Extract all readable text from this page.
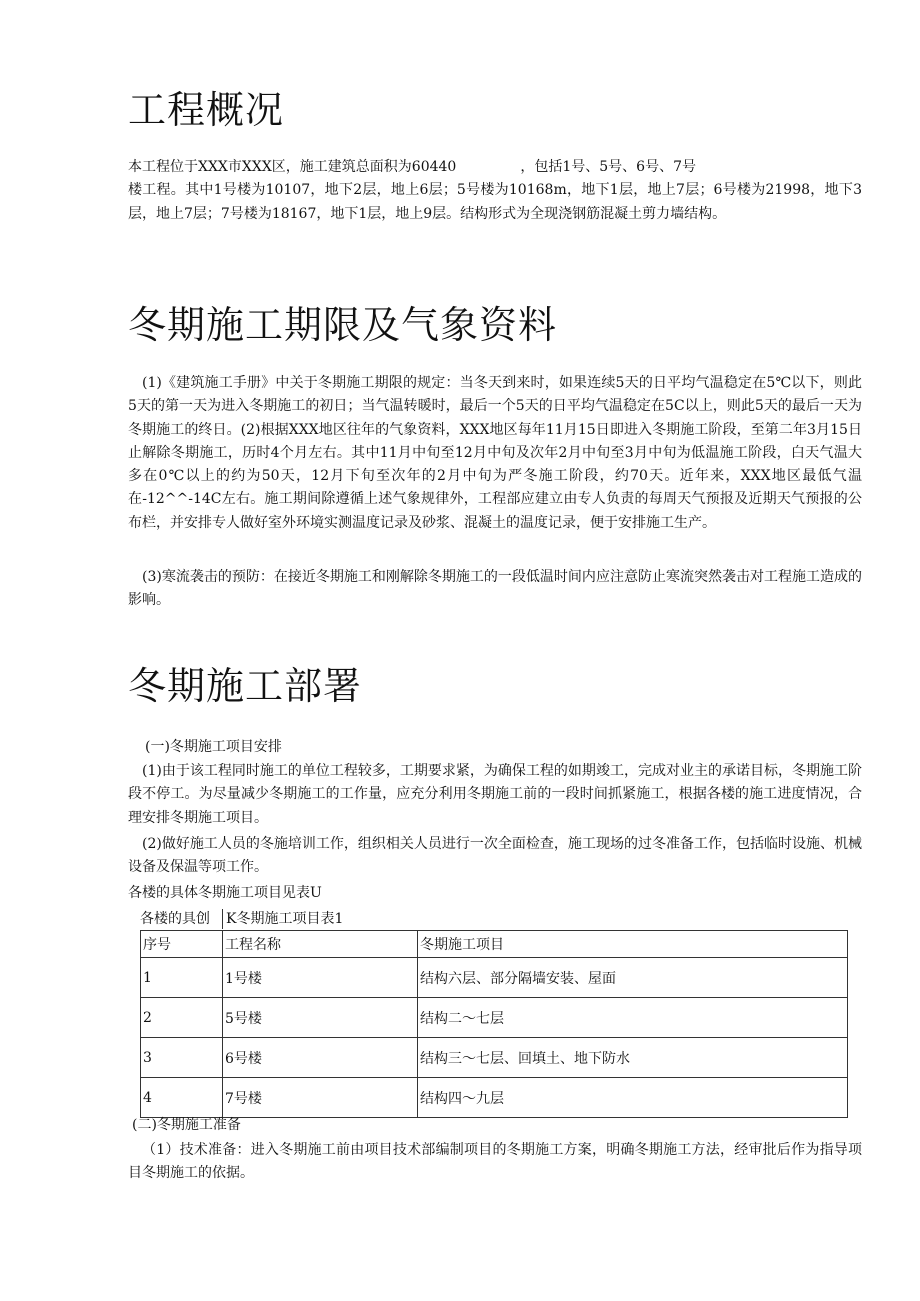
工程概况

本工程位于XXX市XXX区，施工建筑总面积为60440	，包括1号、5号、6号、7号
楼工程。其中1号楼为10107，地下2层，地上6层；5号楼为10168m，地下1层，地上7层；6号楼为21998，地下3层，地上7层；7号楼为18167，地下1层，地上9层。结构形式为全现浇钢筋混凝土剪力墙结构。

冬期施工期限及气象资料

(1)《建筑施工手册》中关于冬期施工期限的规定：当冬天到来时，如果连续5天的日平均气温稳定在5℃以下，则此5天的第一天为进入冬期施工的初日；当气温转暖时，最后一个5天的日平均气温稳定在5C以上，则此5天的最后一天为冬期施工的终日。(2)根据XXX地区往年的气象资料，XXX地区每年11月15日即进入冬期施工阶段，至第二年3月15日止解除冬期施工，历时4个月左右。其中11月中旬至12月中旬及次年2月中旬至3月中旬为低温施工阶段，白天气温大多在0℃以上的约为50天，12月下旬至次年的2月中旬为严冬施工阶段，约70天。近年来，XXX地区最低气温在-12^^-14C左右。施工期间除遵循上述气象规律外，工程部应建立由专人负责的每周天气预报及近期天气预报的公布栏，并安排专人做好室外环境实测温度记录及砂浆、混凝土的温度记录，便于安排施工生产。

(3)寒流袭击的预防：在接近冬期施工和刚解除冬期施工的一段低温时间内应注意防止寒流突然袭击对工程施工造成的影响。

冬期施工部署

(一)冬期施工项目安排

(1)由于该工程同时施工的单位工程较多，工期要求紧，为确保工程的如期竣工，完成对业主的承诺目标，冬期施工阶段不停工。为尽量减少冬期施工的工作量，应充分利用冬期施工前的一段时间抓紧施工，根据各楼的施工进度情况，合理安排冬期施工项目。

(2)做好施工人员的冬施培训工作，组织相关人员进行一次全面检查，施工现场的过冬准备工作，包括临时设施、机械设备及保温等项工作。

各楼的具体冬期施工项目见表U

各楼的具创 K冬期施工项目表1
序号	工程名称	冬期施工项目
1	1号楼	结构六层、部分隔墙安装、屋面
2	5号楼	结构二～七层
3	6号楼	结构三～七层、回填土、地下防水
4	7号楼	结构四～九层

(二)冬期施工准备

（1）技术准备：进入冬期施工前由项目技术部编制项目的冬期施工方案，明确冬期施工方法，经审批后作为指导项目冬期施工的依据。
